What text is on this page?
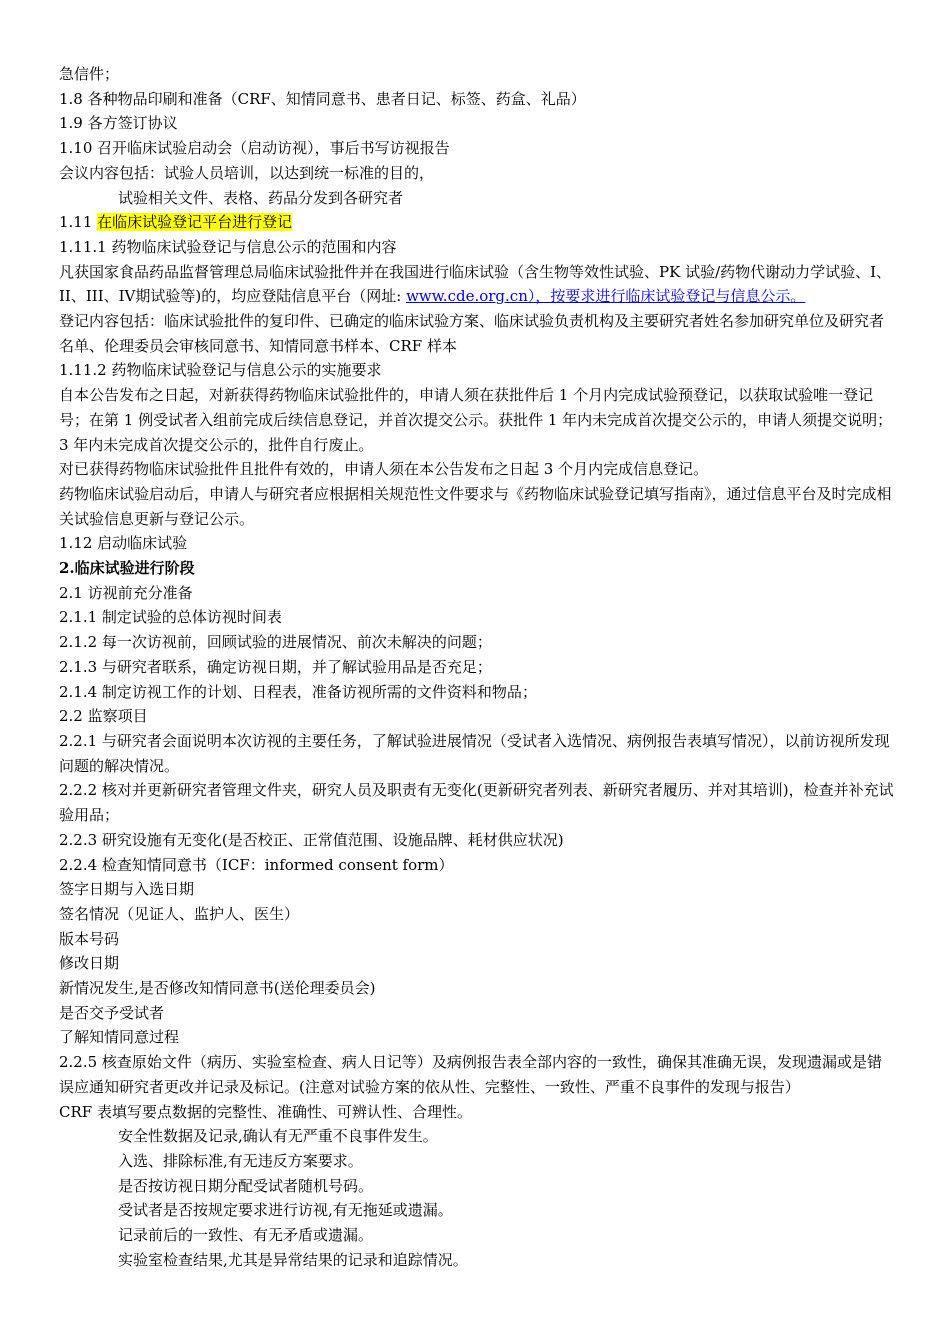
急信件；

1.8 各种物品印刷和准备（CRF、知情同意书、患者日记、标签、药盒、礼品）

1.9 各方签订协议

1.10 召开临床试验启动会（启动访视），事后书写访视报告

会议内容包括：试验人员培训，以达到统一标准的目的，

试验相关文件、表格、药品分发到各研究者

1.11 在临床试验登记平台进行登记

1.11.1 药物临床试验登记与信息公示的范围和内容

凡获国家食品药品监督管理总局临床试验批件并在我国进行临床试验（含生物等效性试验、PK 试验/药物代谢动力学试验、I、II、III、IV期试验等)的，均应登陆信息平台（网址: www.cde.org.cn），按要求进行临床试验登记与信息公示。

登记内容包括：临床试验批件的复印件、已确定的临床试验方案、临床试验负责机构及主要研究者姓名参加研究单位及研究者名单、伦理委员会审核同意书、知情同意书样本、CRF 样本

1.11.2 药物临床试验登记与信息公示的实施要求

自本公告发布之日起，对新获得药物临床试验批件的，申请人须在获批件后 1 个月内完成试验预登记，以获取试验唯一登记号；在第 1 例受试者入组前完成后续信息登记，并首次提交公示。获批件 1 年内未完成首次提交公示的，申请人须提交说明；3 年内未完成首次提交公示的，批件自行废止。

对已获得药物临床试验批件且批件有效的，申请人须在本公告发布之日起 3 个月内完成信息登记。

药物临床试验启动后，申请人与研究者应根据相关规范性文件要求与《药物临床试验登记填写指南》，通过信息平台及时完成相关试验信息更新与登记公示。

1.12 启动临床试验

2.临床试验进行阶段

2.1 访视前充分准备

2.1.1 制定试验的总体访视时间表

2.1.2 每一次访视前，回顾试验的进展情况、前次未解决的问题；

2.1.3 与研究者联系，确定访视日期，并了解试验用品是否充足；

2.1.4 制定访视工作的计划、日程表，准备访视所需的文件资料和物品；

2.2 监察项目

2.2.1 与研究者会面说明本次访视的主要任务，了解试验进展情况（受试者入选情况、病例报告表填写情况），以前访视所发现问题的解决情况。

2.2.2 核对并更新研究者管理文件夹，研究人员及职责有无变化(更新研究者列表、新研究者履历、并对其培训)，检查并补充试验用品；

2.2.3 研究设施有无变化(是否校正、正常值范围、设施品牌、耗材供应状况)

2.2.4 检查知情同意书（ICF：informed consent form）

签字日期与入选日期

签名情况（见证人、监护人、医生）

版本号码

修改日期

新情况发生,是否修改知情同意书(送伦理委员会)

是否交予受试者

了解知情同意过程

2.2.5 核查原始文件（病历、实验室检查、病人日记等）及病例报告表全部内容的一致性，确保其准确无误，发现遗漏或是错误应通知研究者更改并记录及标记。(注意对试验方案的依从性、完整性、一致性、严重不良事件的发现与报告）

CRF 表填写要点数据的完整性、准确性、可辨认性、合理性。

安全性数据及记录,确认有无严重不良事件发生。

入选、排除标准,有无违反方案要求。

是否按访视日期分配受试者随机号码。

受试者是否按规定要求进行访视,有无拖延或遗漏。

记录前后的一致性、有无矛盾或遗漏。

实验室检查结果,尤其是异常结果的记录和追踪情况。
